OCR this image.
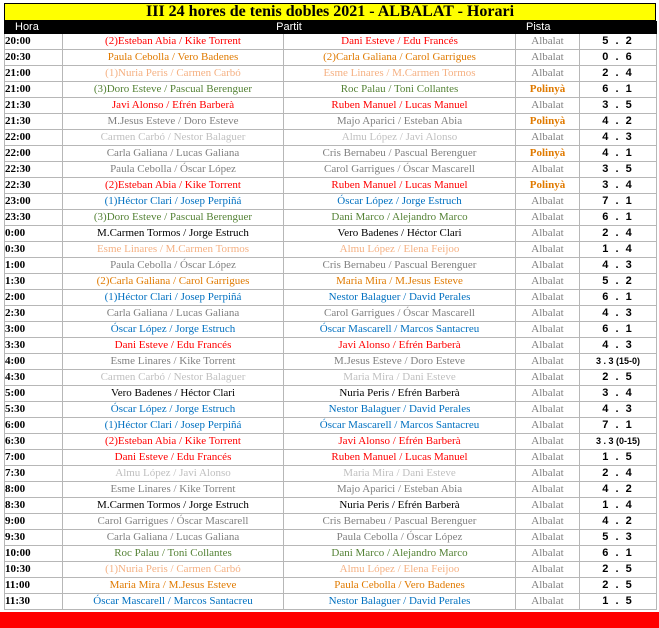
III 24 hores de tenis dobles 2021 - ALBALAT - Horari
Hora	Partit		Pista	
20:00	(2)Esteban Abia / Kike Torrent	Dani Esteve / Edu Francés	Albalat	5 . 2
20:30	Paula Cebolla / Vero Badenes	(2)Carla Galiana / Carol Garrigues	Albalat	0 . 6
21:00	(1)Nuria Peris / Carmen Carbó	Esme Linares / M.Carmen Tormos	Albalat	2 . 4
21:00	(3)Doro Esteve / Pascual Berenguer	Roc Palau / Toni Collantes	Polinyà	6 . 1
21:30	Javi Alonso / Efrén Barberà	Ruben Manuel / Lucas Manuel	Albalat	3 . 5
21:30	M.Jesus Esteve / Doro Esteve	Majo Aparici / Esteban Abia	Polinyà	4 . 2
22:00	Carmen Carbó / Nestor Balaguer	Almu López / Javi Alonso	Albalat	4 . 3
22:00	Carla Galiana / Lucas Galiana	Cris Bernabeu / Pascual Berenguer	Polinyà	4 . 1
22:30	Paula Cebolla / Óscar López	Carol Garrigues / Óscar Mascarell	Albalat	3 . 5
22:30	(2)Esteban Abia / Kike Torrent	Ruben Manuel / Lucas Manuel	Polinyà	3 . 4
23:00	(1)Héctor Clari / Josep Perpiñá	Óscar López / Jorge Estruch	Albalat	7 . 1
23:30	(3)Doro Esteve / Pascual Berenguer	Dani Marco / Alejandro Marco	Albalat	6 . 1
0:00	M.Carmen Tormos / Jorge Estruch	Vero Badenes / Héctor Clari	Albalat	2 . 4
0:30	Esme Linares / M.Carmen Tormos	Almu López / Elena Feijoo	Albalat	1 . 4
1:00	Paula Cebolla / Óscar López	Cris Bernabeu / Pascual Berenguer	Albalat	4 . 3
1:30	(2)Carla Galiana / Carol Garrigues	Maria Mira / M.Jesus Esteve	Albalat	5 . 2
2:00	(1)Héctor Clari / Josep Perpiñá	Nestor Balaguer / David Perales	Albalat	6 . 1
2:30	Carla Galiana / Lucas Galiana	Carol Garrigues / Óscar Mascarell	Albalat	4 . 3
3:00	Óscar López / Jorge Estruch	Óscar Mascarell / Marcos Santacreu	Albalat	6 . 1
3:30	Dani Esteve / Edu Francés	Javi Alonso / Efrén Barberà	Albalat	4 . 3
4:00	Esme Linares / Kike Torrent	M.Jesus Esteve / Doro Esteve	Albalat	3 . 3 (15-0)
4:30	Carmen Carbó / Nestor Balaguer	Maria Mira / Dani Esteve	Albalat	2 . 5
5:00	Vero Badenes / Héctor Clari	Nuria Peris / Efrén Barberà	Albalat	3 . 4
5:30	Óscar López / Jorge Estruch	Nestor Balaguer / David Perales	Albalat	4 . 3
6:00	(1)Héctor Clari / Josep Perpiñá	Óscar Mascarell / Marcos Santacreu	Albalat	7 . 1
6:30	(2)Esteban Abia / Kike Torrent	Javi Alonso / Efrén Barberà	Albalat	3 . 3 (0-15)
7:00	Dani Esteve / Edu Francés	Ruben Manuel / Lucas Manuel	Albalat	1 . 5
7:30	Almu López / Javi Alonso	Maria Mira / Dani Esteve	Albalat	2 . 4
8:00	Esme Linares / Kike Torrent	Majo Aparici / Esteban Abia	Albalat	4 . 2
8:30	M.Carmen Tormos / Jorge Estruch	Nuria Peris / Efrén Barberà	Albalat	1 . 4
9:00	Carol Garrigues / Óscar Mascarell	Cris Bernabeu / Pascual Berenguer	Albalat	4 . 2
9:30	Carla Galiana / Lucas Galiana	Paula Cebolla / Óscar López	Albalat	5 . 3
10:00	Roc Palau / Toni Collantes	Dani Marco / Alejandro Marco	Albalat	6 . 1
10:30	(1)Nuria Peris / Carmen Carbó	Almu López / Elena Feijoo	Albalat	2 . 5
11:00	Maria Mira / M.Jesus Esteve	Paula Cebolla / Vero Badenes	Albalat	2 . 5
11:30	Óscar Mascarell / Marcos Santacreu	Nestor Balaguer / David Perales	Albalat	1 . 5
